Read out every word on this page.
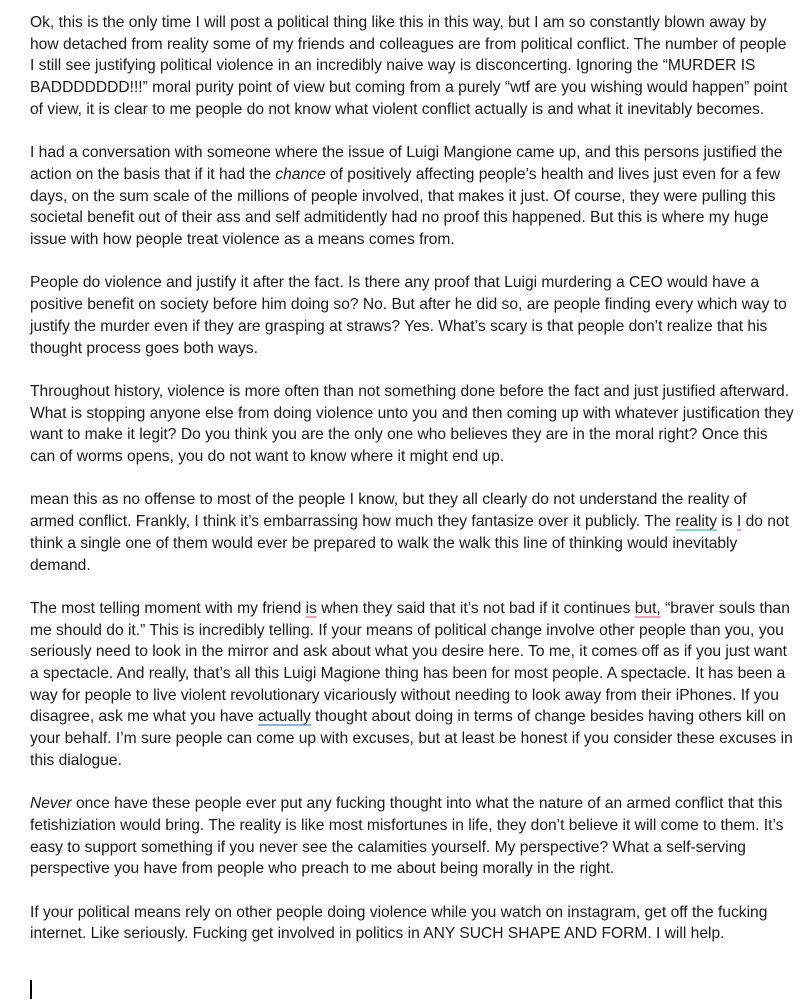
Ok, this is the only time I will post a political thing like this in this way, but I am so constantly blown away by how detached from reality some of my friends and colleagues are from political conflict. The number of people I still see justifying political violence in an incredibly naive way is disconcerting. Ignoring the “MURDER IS BADDDDDDD!!!” moral purity point of view but coming from a purely “wtf are you wishing would happen” point of view, it is clear to me people do not know what violent conflict actually is and what it inevitably becomes.

I had a conversation with someone where the issue of Luigi Mangione came up, and this persons justified the action on the basis that if it had the chance of positively affecting people’s health and lives just even for a few days, on the sum scale of the millions of people involved, that makes it just. Of course, they were pulling this societal benefit out of their ass and self admitidently had no proof this happened. But this is where my huge issue with how people treat violence as a means comes from.

People do violence and justify it after the fact. Is there any proof that Luigi murdering a CEO would have a positive benefit on society before him doing so? No. But after he did so, are people finding every which way to justify the murder even if they are grasping at straws? Yes. What’s scary is that people don’t realize that his thought process goes both ways.

Throughout history, violence is more often than not something done before the fact and just justified afterward. What is stopping anyone else from doing violence unto you and then coming up with whatever justification they want to make it legit? Do you think you are the only one who believes they are in the moral right? Once this can of worms opens, you do not want to know where it might end up.

mean this as no offense to most of the people I know, but they all clearly do not understand the reality of armed conflict. Frankly, I think it’s embarrassing how much they fantasize over it publicly. The reality is I do not think a single one of them would ever be prepared to walk the walk this line of thinking would inevitably demand.

The most telling moment with my friend is when they said that it’s not bad if it continues but, “braver souls than me should do it.” This is incredibly telling. If your means of political change involve other people than you, you seriously need to look in the mirror and ask about what you desire here. To me, it comes off as if you just want a spectacle. And really, that’s all this Luigi Magione thing has been for most people. A spectacle. It has been a way for people to live violent revolutionary vicariously without needing to look away from their iPhones. If you disagree, ask me what you have actually thought about doing in terms of change besides having others kill on your behalf. I’m sure people can come up with excuses, but at least be honest if you consider these excuses in this dialogue.

Never once have these people ever put any fucking thought into what the nature of an armed conflict that this fetishiziation would bring. The reality is like most misfortunes in life, they don’t believe it will come to them. It’s easy to support something if you never see the calamities yourself. My perspective? What a self-serving perspective you have from people who preach to me about being morally in the right.

If your political means rely on other people doing violence while you watch on instagram, get off the fucking internet. Like seriously. Fucking get involved in politics in ANY SUCH SHAPE AND FORM. I will help.
